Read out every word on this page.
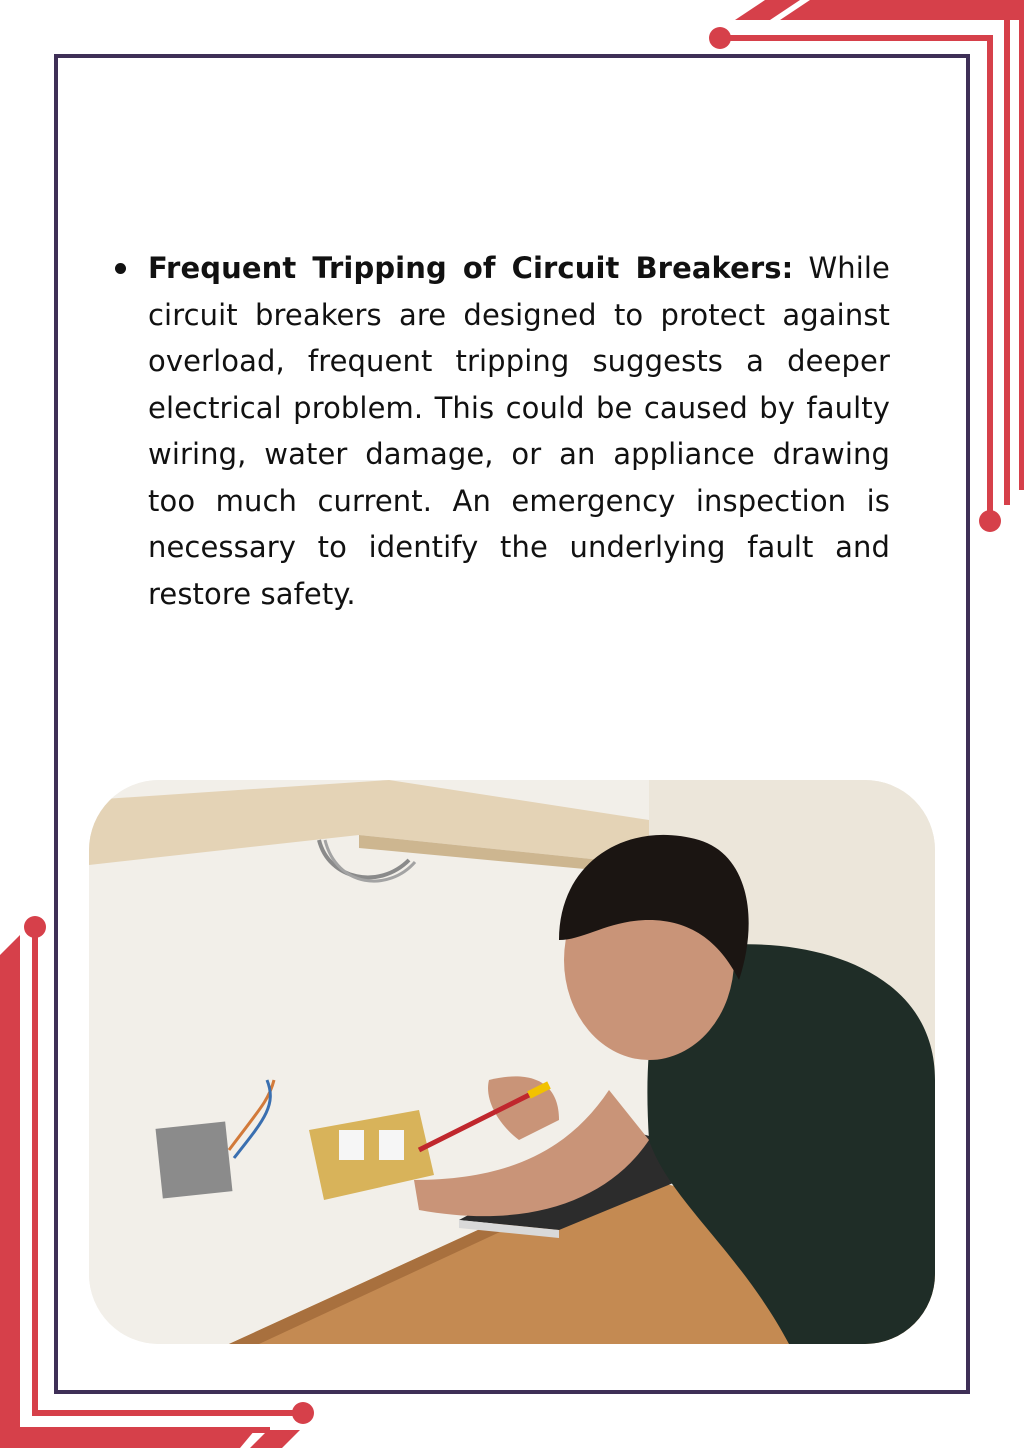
Frequent Tripping of Circuit Breakers: While circuit breakers are designed to protect against overload, frequent tripping suggests a deeper electrical problem. This could be caused by faulty wiring, water damage, or an appliance drawing too much current. An emergency inspection is necessary to identify the underlying fault and restore safety.
